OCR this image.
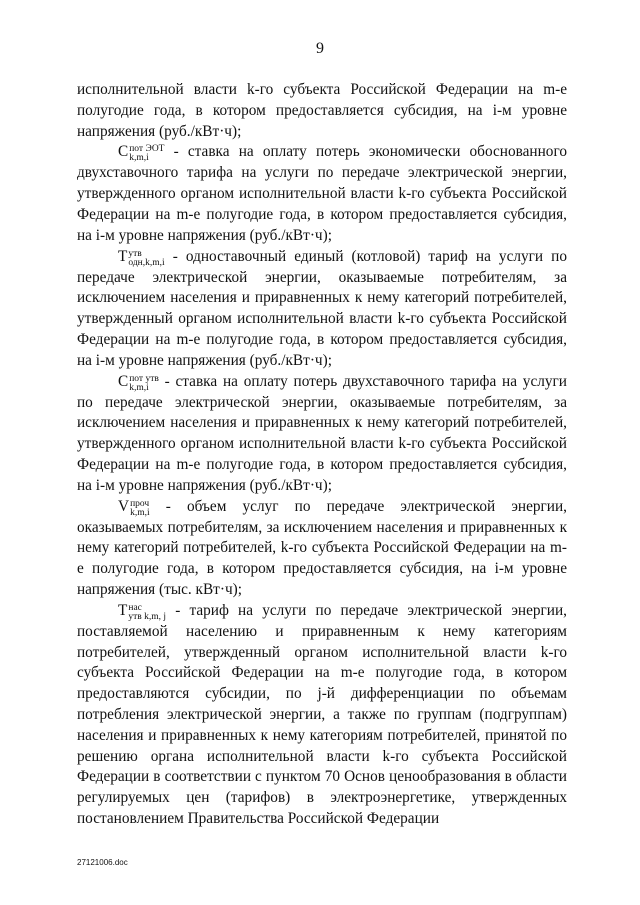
9

исполнительной власти k-го субъекта Российской Федерации на m-е полугодие года, в котором предоставляется субсидия, на i-м уровне напряжения (руб./кВт·ч);

C пот ЭОТ
k,m,i	- ставка на оплату потерь экономически обоснованного двухставочного тарифа на услуги по передаче электрической энергии, утвержденного органом исполнительной власти k-го субъекта Российской Федерации на m-е полугодие года, в котором предоставляется субсидия, на i-м уровне напряжения (руб./кВт·ч);

T утв
одн,k,m,i - одноставочный единый (котловой) тариф на услуги по передаче электрической энергии, оказываемые потребителям, за исключением населения и приравненных к нему категорий потребителей, утвержденный органом исполнительной власти k-го субъекта Российской Федерации на m-е полугодие года, в котором предоставляется субсидия, на i-м уровне напряжения (руб./кВт·ч);

C пот утв
k,m,i - ставка на оплату потерь двухставочного тарифа на услуги по передаче электрической энергии, оказываемые потребителям, за исключением населения и приравненных к нему категорий потребителей, утвержденного органом исполнительной власти k-го субъекта Российской Федерации на m-е полугодие года, в котором предоставляется субсидия, на i-м уровне напряжения (руб./кВт·ч);

V проч
k,m,i - объем услуг по передаче электрической энергии, оказываемых потребителям, за исключением населения и приравненных к нему категорий потребителей, k-го субъекта Российской Федерации на m-е полугодие года, в котором предоставляется субсидия, на i-м уровне напряжения (тыс. кВт·ч);

T нас
утв k,m, j - тариф на услуги по передаче электрической энергии, поставляемой населению и приравненным к нему категориям потребителей, утвержденный органом исполнительной власти k-го субъекта Российской Федерации на m-е полугодие года, в котором предоставляются субсидии, по j-й дифференциации по объемам потребления электрической энергии, а также по группам (подгруппам) населения и приравненных к нему категориям потребителей, принятой по решению органа исполнительной власти k-го субъекта Российской Федерации в соответствии с пунктом 70 Основ ценообразования в области регулируемых цен (тарифов) в электроэнергетике, утвержденных постановлением Правительства Российской Федерации

27121006.doc
